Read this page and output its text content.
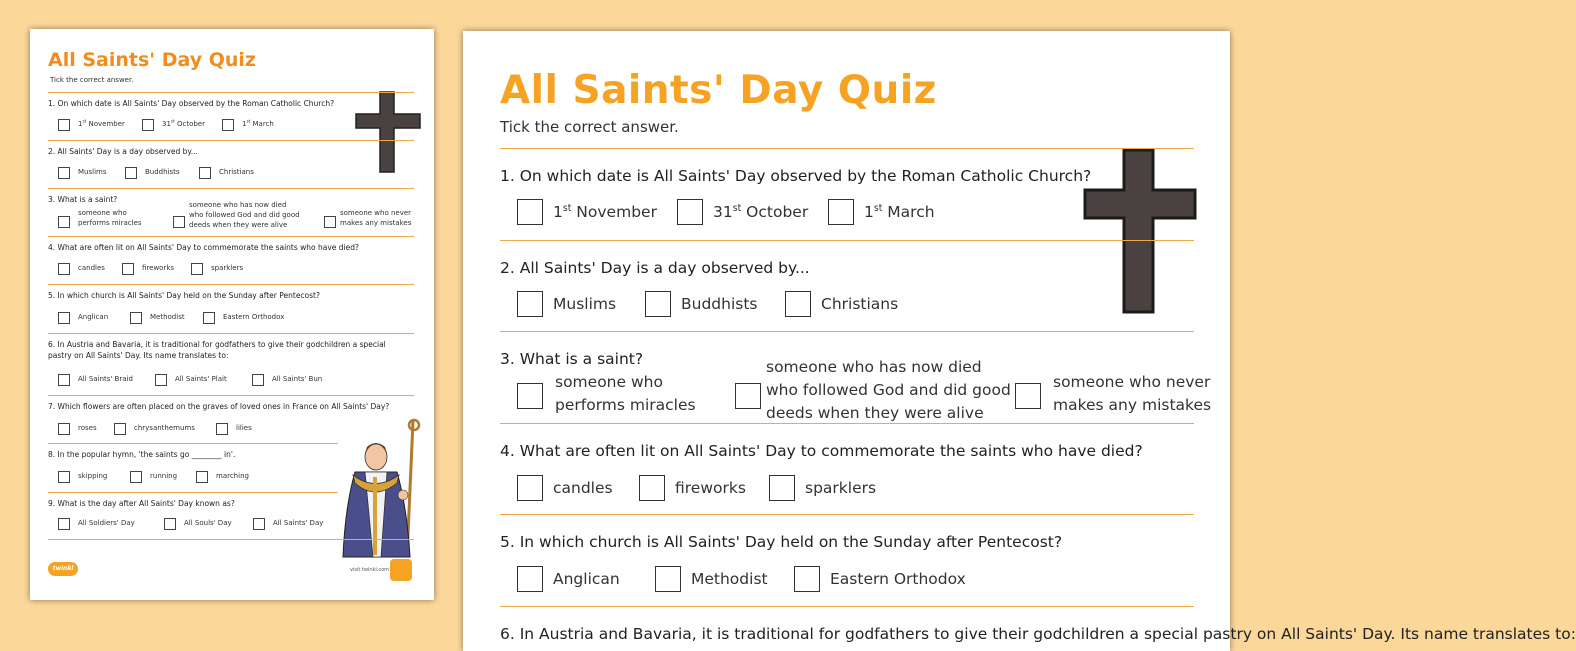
All Saints' Day Quiz
Tick the correct answer.
1. On which date is All Saints' Day observed by the Roman Catholic Church?
1st November	31st October	1st March
2. All Saints' Day is a day observed by...
Muslims	Buddhists	Christians
3. What is a saint?
someone who
performs miracles
someone who has now died
who followed God and did good
deeds when they were alive
someone who never
makes any mistakes
4. What are often lit on All Saints' Day to commemorate the saints who have died?
candles	fireworks	sparklers
5. In which church is All Saints' Day held on the Sunday after Pentecost?
Anglican	Methodist	Eastern Orthodox
6. In Austria and Bavaria, it is traditional for godfathers to give their godchildren a special pastry on All Saints' Day. Its name translates to:
All Saints' Braid	All Saints' Plait	All Saints' Bun
7. Which flowers are often placed on the graves of loved ones in France on All Saints' Day?
roses	chrysanthemums	lilies
8. In the popular hymn, 'the saints go ________ in'.
skipping	running	marching
9. What is the day after All Saints' Day known as?
All Soldiers' Day	All Souls' Day	All Saints' Day
twinkl	visit twinkl.com
All Saints' Day Quiz
Tick the correct answer.
1. On which date is All Saints' Day observed by the Roman Catholic Church?
1st November	31st October	1st March
2. All Saints' Day is a day observed by...
Muslims	Buddhists	Christians
3. What is a saint?
someone who
performs miracles
someone who has now died
who followed God and did good
deeds when they were alive
someone who never
makes any mistakes
4. What are often lit on All Saints' Day to commemorate the saints who have died?
candles	fireworks	sparklers
5. In which church is All Saints' Day held on the Sunday after Pentecost?
Anglican	Methodist	Eastern Orthodox
6. In Austria and Bavaria, it is traditional for godfathers to give their godchildren a special pastry on All Saints' Day. Its name translates to:
